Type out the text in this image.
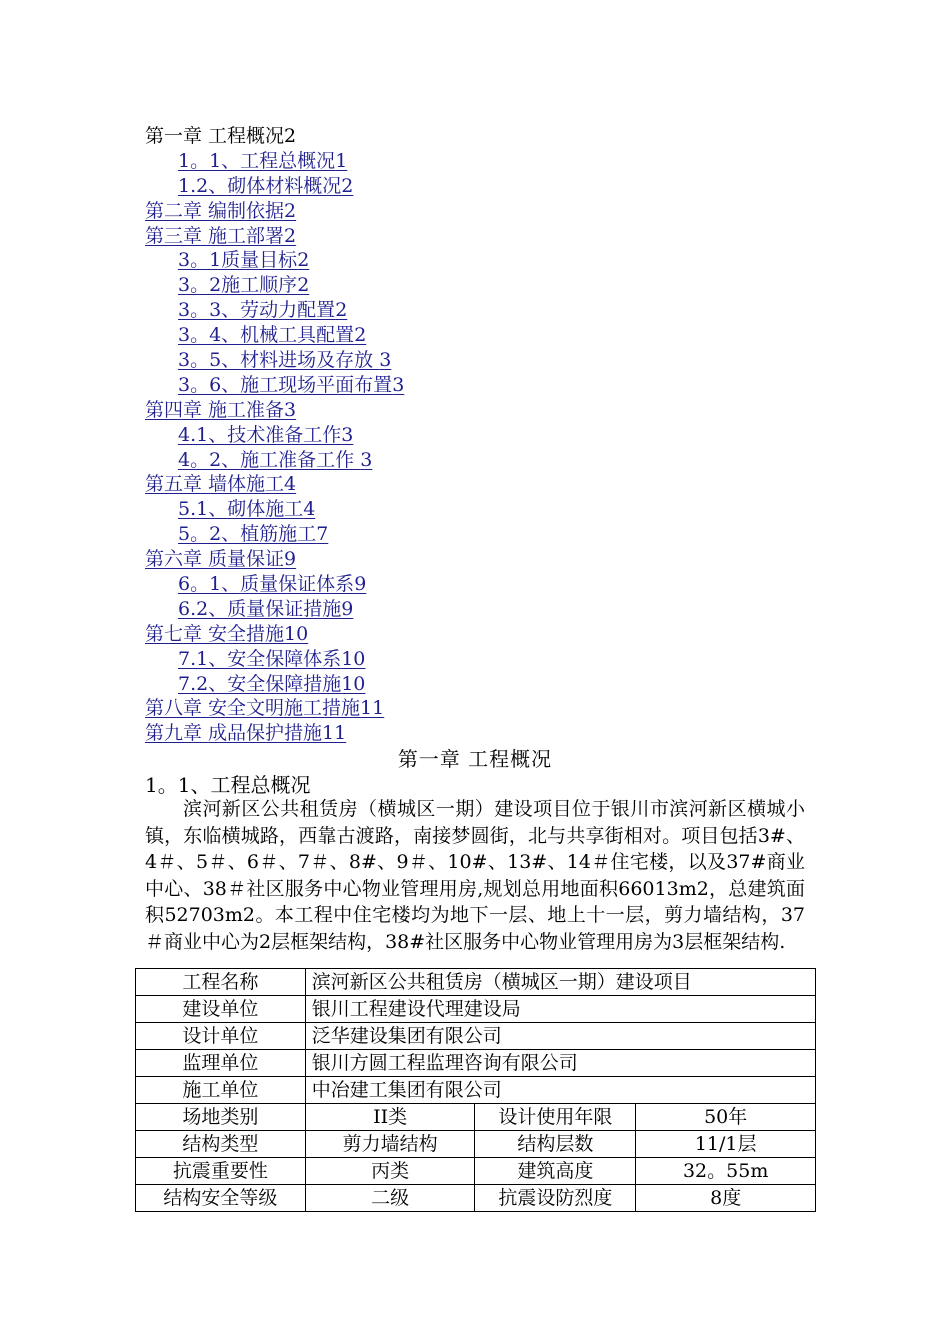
第一章 工程概况2
1。1、工程总概况1
1.2、砌体材料概况2
第二章 编制依据2
第三章 施工部署2
3。1质量目标2
3。2施工顺序2
3。3、劳动力配置2
3。4、机械工具配置2
3。5、材料进场及存放 3
3。6、施工现场平面布置3
第四章 施工准备3
4.1、技术准备工作3
4。2、施工准备工作 3
第五章 墙体施工4
5.1、砌体施工4
5。2、植筋施工7
第六章 质量保证9
6。1、质量保证体系9
6.2、质量保证措施9
第七章 安全措施10
7.1、安全保障体系10
7.2、安全保障措施10
第八章 安全文明施工措施11
第九章 成品保护措施11
第一章 工程概况
1。1、工程总概况
滨河新区公共租赁房（横城区一期）建设项目位于银川市滨河新区横城小镇，东临横城路，西靠古渡路，南接梦圆街，北与共享街相对。项目包括3#、4＃、5＃、6＃、7＃、8#、9＃、10#、13#、14＃住宅楼，以及37#商业中心、38＃社区服务中心物业管理用房,规划总用地面积66013m2，总建筑面积52703m2。本工程中住宅楼均为地下一层、地上十一层，剪力墙结构，37＃商业中心为2层框架结构，38#社区服务中心物业管理用房为3层框架结构.
工程名称	滨河新区公共租赁房（横城区一期）建设项目		
建设单位	银川工程建设代理建设局		
设计单位	泛华建设集团有限公司		
监理单位	银川方圆工程监理咨询有限公司		
施工单位	中冶建工集团有限公司		
场地类别	II类	设计使用年限	50年
结构类型	剪力墙结构	结构层数	11/1层
抗震重要性	丙类	建筑高度	32。55m
结构安全等级	二级	抗震设防烈度	8度
